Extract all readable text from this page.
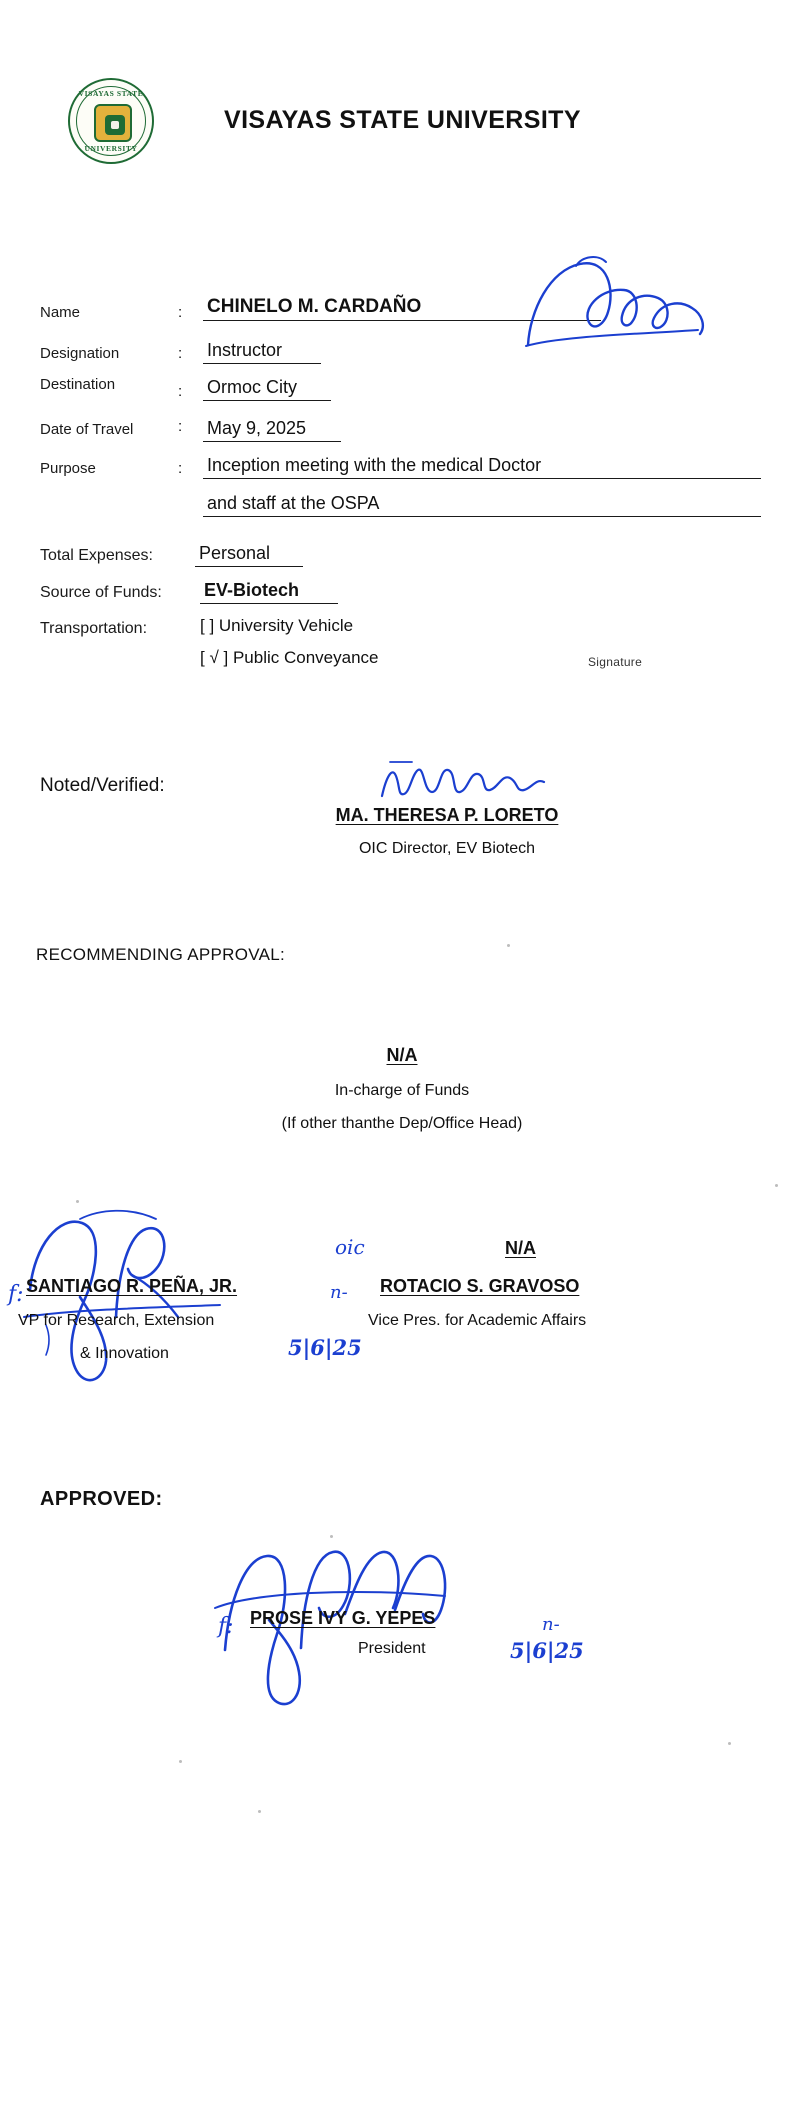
VISAYAS STATE
UNIVERSITY
VISAYAS STATE UNIVERSITY
Name	: CHINELO M. CARDAÑO
Designation	: Instructor
Destination	: Ormoc City
Date of Travel	: May 9, 2025
Purpose	: Inception meeting with the medical Doctor
and staff at the OSPA
Total Expenses:	Personal
Source of Funds: EV-Biotech
Transportation:	[ ] University Vehicle
[ √ ] Public Conveyance	Signature
Noted/Verified:
MA. THERESA P. LORETO
OIC Director, EV Biotech
RECOMMENDING APPROVAL:
N/A
In-charge of Funds
(If other thanthe Dep/Office Head)
oic	N/A
f: SANTIAGO R. PEÑA, JR.	n- ROTACIO S. GRAVOSO
VP for Research, Extension
& Innovation
Vice Pres. for Academic Affairs
5|6|25
APPROVED:
f: PROSE IVY G. YEPES	n-
President	5|6|25
